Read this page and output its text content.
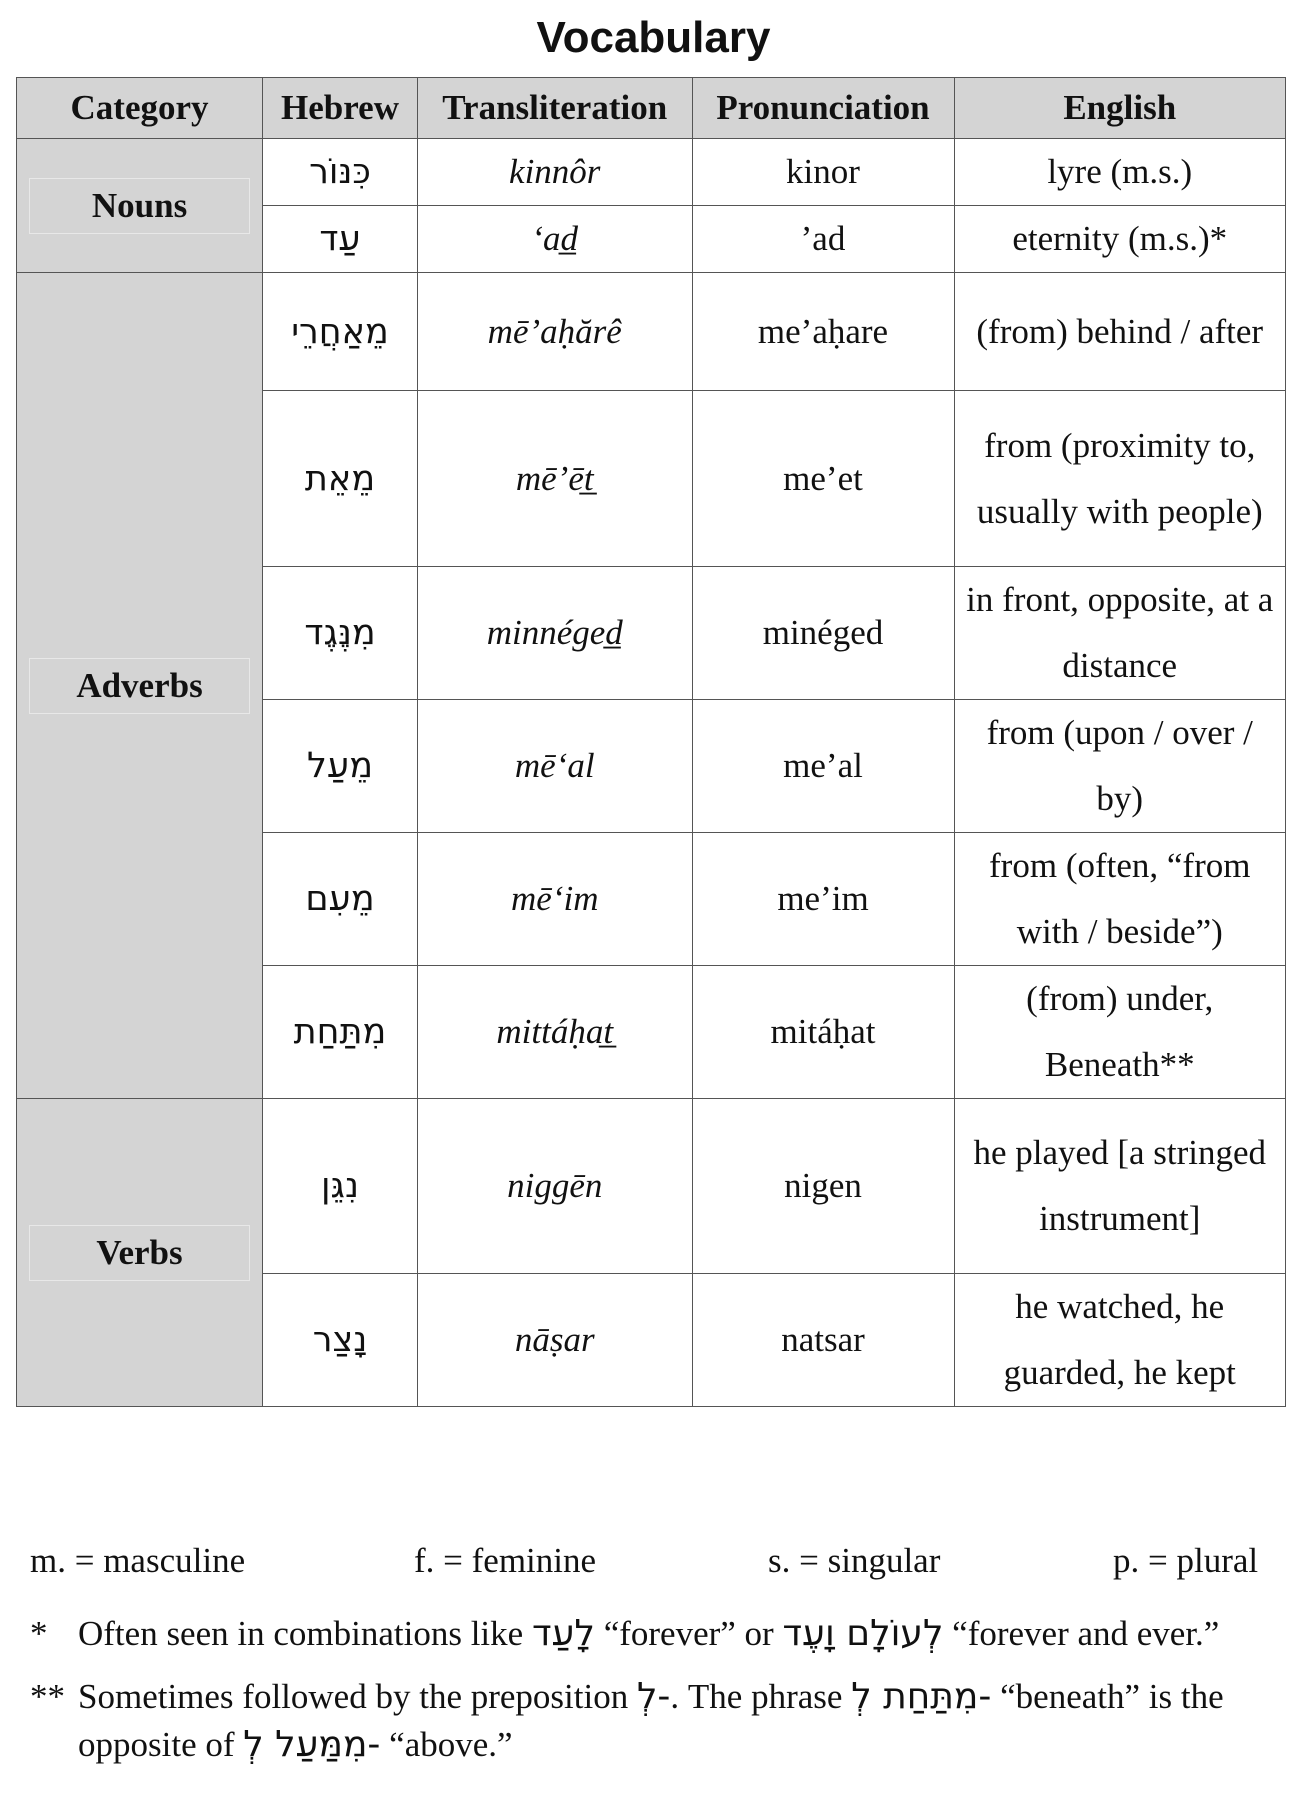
Vocabulary
Category	Hebrew	Transliteration	Pronunciation	English

Nouns	כִּנּוֹר	kinnôr	kinor	lyre (m.s.)
	עַד	‘ad̲	’ad	eternity (m.s.)*

Adverbs	מֵאַחֲרֵי	mē’aḥărê	me’aḥare	(from) behind / after
	מֵאֵת	mē’ēt̲	me’et	from (proximity to, usually with people)
	מִנֶּגֶד	minnéged̲	minéged	in front, opposite, at a distance
	מֵעַל	mē‘al	me’al	from (upon / over / by)
	מֵעִם	mē‘im	me’im	from (often, “from with / beside”)
	מִתַּחַת	mittáḥat̲	mitáḥat	(from) under, Beneath**

Verbs	נִגֵּן	niggēn	nigen	he played [a stringed instrument]
	נָצַר	nāṣar	natsar	he watched, he guarded, he kept
m. = masculine	f. = feminine	s. = singular	p. = plural
* Often seen in combinations like לָעַד “forever” or לְעוֹלָם וָעֶד “forever and ever.”
** Sometimes followed by the preposition -לְ. The phrase -מִתַּחַת לְ “beneath” is the opposite of -מִמַּעַל לְ “above.”
